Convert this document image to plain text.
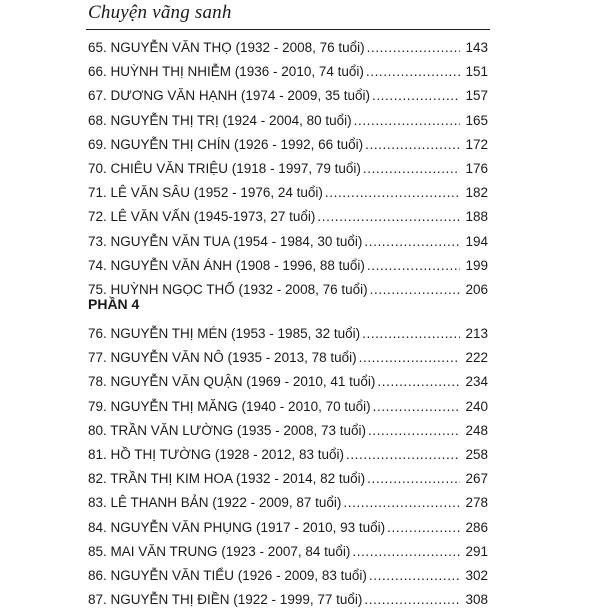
Chuyện vãng sanh
65. NGUYỄN VĂN THỌ (1932 - 2008, 76 tuổi) .....	143
66. HUỲNH THỊ NHIỄM (1936 - 2010, 74 tuổi) .....	151
67. DƯƠNG VĂN HẠNH (1974 - 2009, 35 tuổi) .....	157
68. NGUYỄN THỊ TRỊ (1924 - 2004, 80 tuổi) .....	165
69. NGUYỄN THỊ CHÍN (1926 - 1992, 66 tuổi) .....	172
70. CHIÊU VĂN TRIỆU (1918 - 1997, 79 tuổi) .....	176
71. LÊ VĂN SÂU (1952 - 1976, 24 tuổi) .....	182
72. LÊ VĂN VẤN (1945-1973, 27 tuổi) .....	188
73. NGUYỄN VĂN TUA (1954 - 1984, 30 tuổi) .....	194
74. NGUYỄN VĂN ÁNH (1908 - 1996, 88 tuổi) .....	199
75. HUỲNH NGỌC THỐ (1932 - 2008, 76 tuổi) .....	206
PHẦN 4
76. NGUYỄN THỊ MÉN (1953 - 1985, 32 tuổi) .....	213
77. NGUYỄN VĂN NÔ (1935 - 2013, 78 tuổi) .....	222
78. NGUYỄN VĂN QUẬN (1969 - 2010, 41 tuổi) .....	234
79. NGUYỄN THỊ MĂNG (1940 - 2010, 70 tuổi) .....	240
80. TRẦN VĂN LƯỜNG (1935 - 2008, 73 tuổi) .....	248
81. HỒ THỊ TƯỜNG (1928 - 2012, 83 tuổi) .....	258
82. TRẦN THỊ KIM HOA (1932 - 2014, 82 tuổi) .....	267
83. LÊ THANH BẢN (1922 - 2009, 87 tuổi) .....	278
84. NGUYỄN VĂN PHỤNG (1917 - 2010, 93 tuổi) .....	286
85. MAI VĂN TRUNG (1923 - 2007, 84 tuổi) .....	291
86. NGUYỄN VĂN TIỂU (1926 - 2009, 83 tuổi) .....	302
87. NGUYỄN THỊ ĐIỀN (1922 - 1999, 77 tuổi) .....	308
